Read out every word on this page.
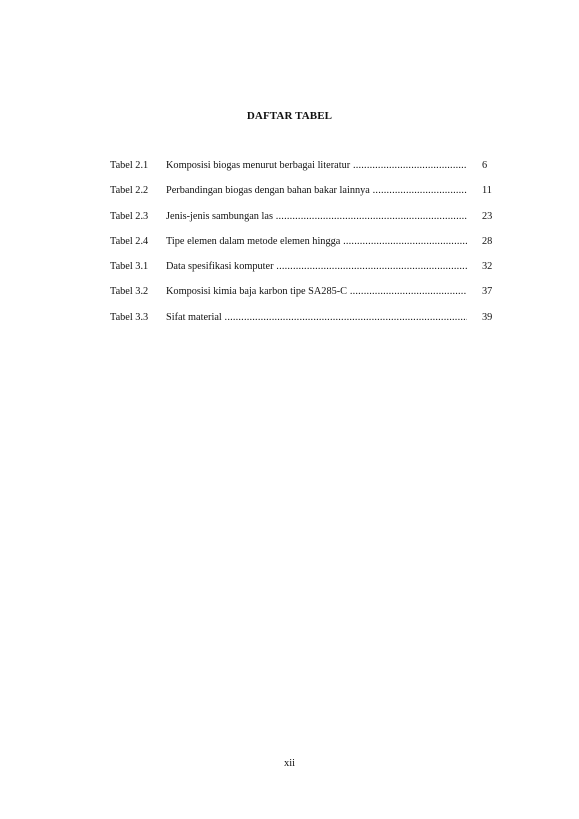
DAFTAR TABEL
Tabel 2.1	Komposisi biogas menurut berbagai literatur .....	6
Tabel 2.2	Perbandingan biogas dengan bahan bakar lainnya .....	11
Tabel 2.3	Jenis-jenis sambungan las .....	23
Tabel 2.4	Tipe elemen dalam metode elemen hingga .....	28
Tabel 3.1	Data spesifikasi komputer .....	32
Tabel 3.2	Komposisi kimia baja karbon tipe SA285-C .....	37
Tabel 3.3	Sifat material .....	39
xii
